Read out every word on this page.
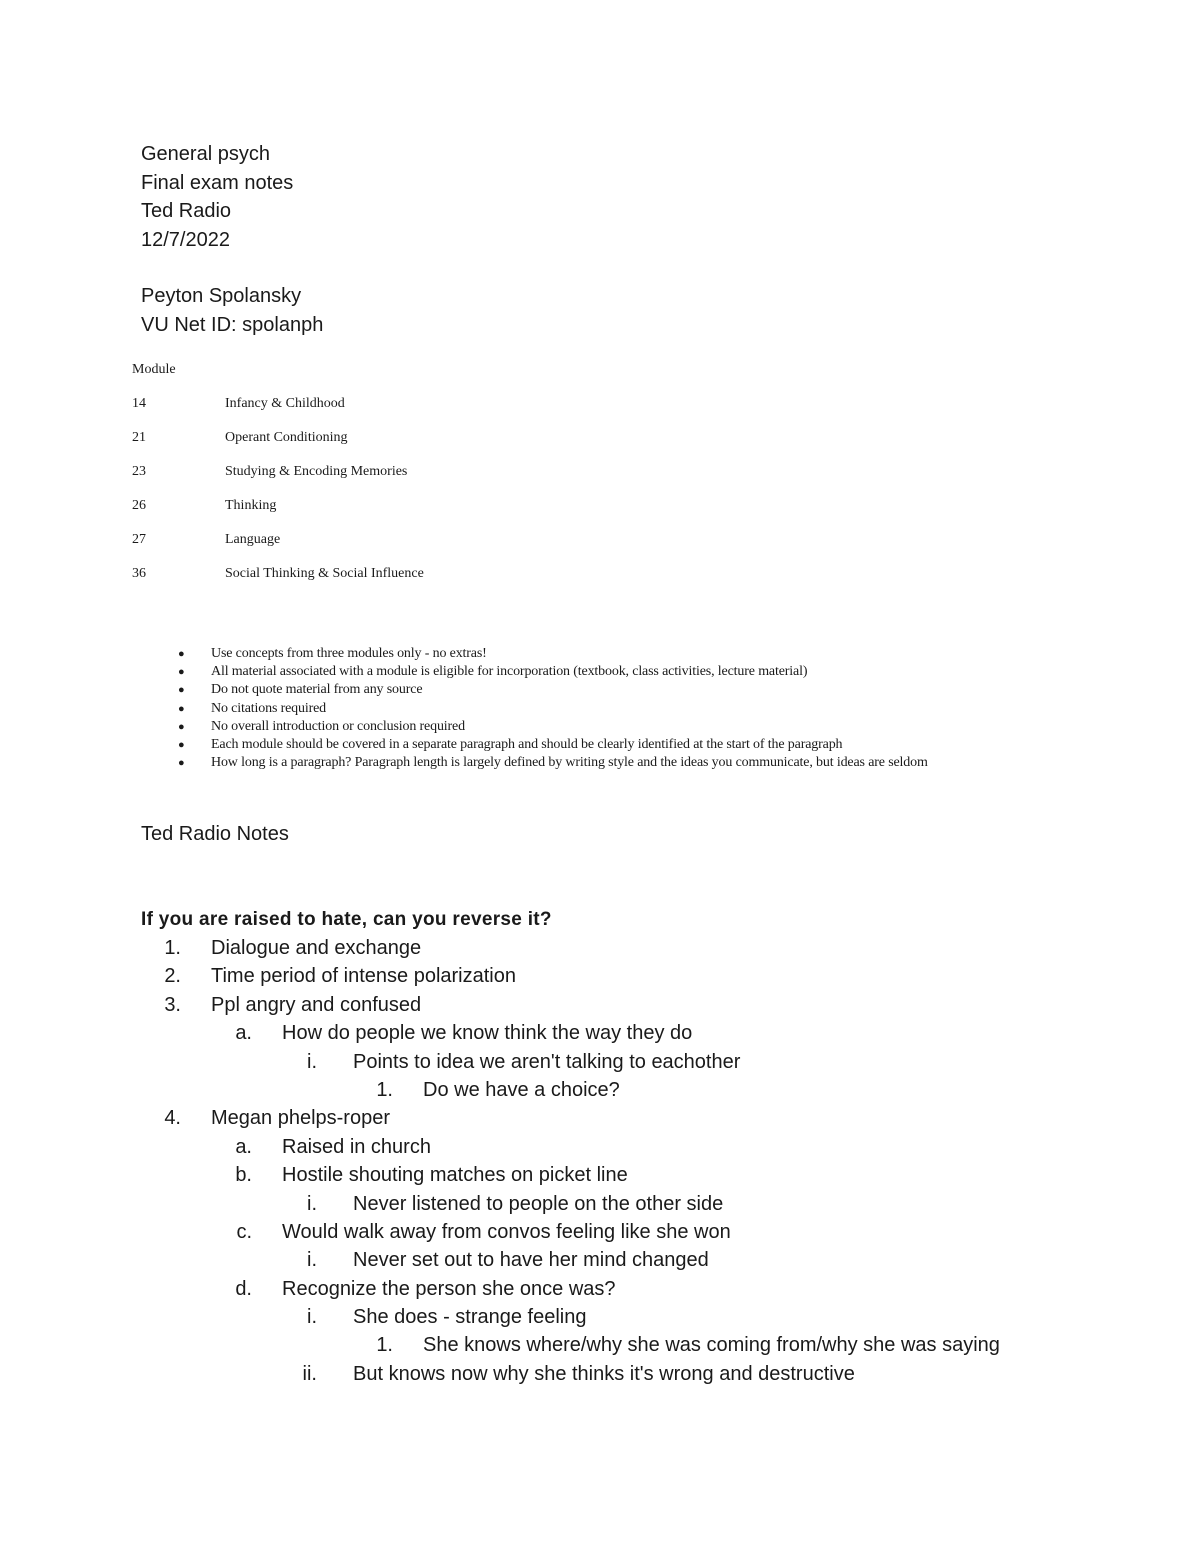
General psych
Final exam notes
Ted Radio
12/7/2022
Peyton Spolansky
VU Net ID: spolanph
Module
14	Infancy & Childhood
21	Operant Conditioning
23	Studying & Encoding Memories
26	Thinking
27	Language
36	Social Thinking & Social Influence
● Use concepts from three modules only - no extras!
● All material associated with a module is eligible for incorporation (textbook, class activities, lecture material)
● Do not quote material from any source
● No citations required
● No overall introduction or conclusion required
● Each module should be covered in a separate paragraph and should be clearly identified at the start of the paragraph
● How long is a paragraph? Paragraph length is largely defined by writing style and the ideas you communicate, but ideas are seldom
Ted Radio Notes
If you are raised to hate, can you reverse it?
1. Dialogue and exchange
2. Time period of intense polarization
3. Ppl angry and confused
a. How do people we know think the way they do
i. Points to idea we aren't talking to eachother
1. Do we have a choice?
4. Megan phelps-roper
a. Raised in church
b. Hostile shouting matches on picket line
i. Never listened to people on the other side
c. Would walk away from convos feeling like she won
i. Never set out to have her mind changed
d. Recognize the person she once was?
i. She does - strange feeling
1. She knows where/why she was coming from/why she was saying
ii. But knows now why she thinks it's wrong and destructive
